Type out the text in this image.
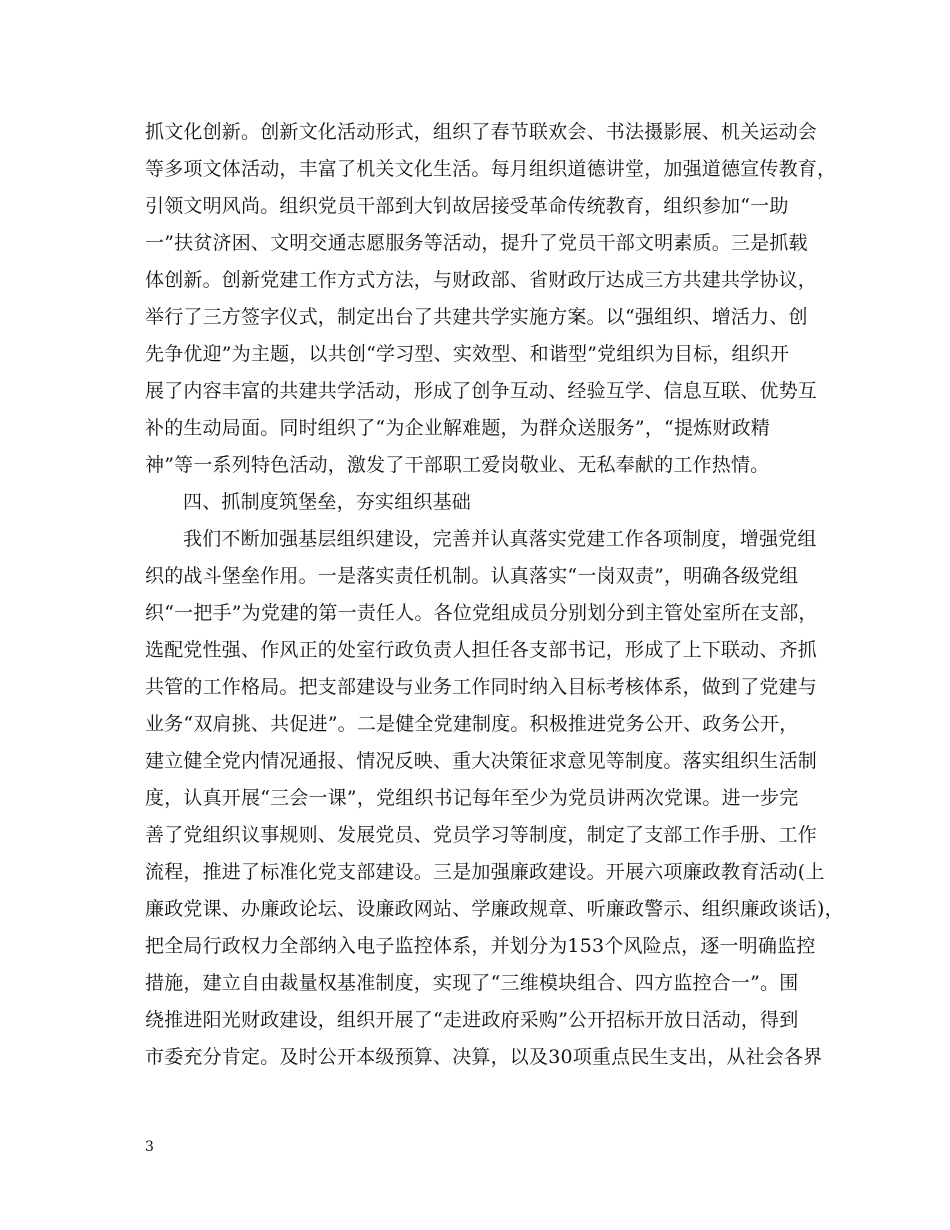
抓文化创新。创新文化活动形式，组织了春节联欢会、书法摄影展、机关运动会
等多项文体活动，丰富了机关文化生活。每月组织道德讲堂，加强道德宣传教育，
引领文明风尚。组织党员干部到大钊故居接受革命传统教育，组织参加“一助
一”扶贫济困、文明交通志愿服务等活动，提升了党员干部文明素质。三是抓载
体创新。创新党建工作方式方法，与财政部、省财政厅达成三方共建共学协议，
举行了三方签字仪式，制定出台了共建共学实施方案。以“强组织、增活力、创
先争优迎”为主题，以共创“学习型、实效型、和谐型”党组织为目标，组织开
展了内容丰富的共建共学活动，形成了创争互动、经验互学、信息互联、优势互
补的生动局面。同时组织了“为企业解难题，为群众送服务”，“提炼财政精
神”等一系列特色活动，激发了干部职工爱岗敬业、无私奉献的工作热情。
四、抓制度筑堡垒，夯实组织基础
我们不断加强基层组织建设，完善并认真落实党建工作各项制度，增强党组
织的战斗堡垒作用。一是落实责任机制。认真落实“一岗双责”，明确各级党组
织“一把手”为党建的第一责任人。各位党组成员分别划分到主管处室所在支部，
选配党性强、作风正的处室行政负责人担任各支部书记，形成了上下联动、齐抓
共管的工作格局。把支部建设与业务工作同时纳入目标考核体系，做到了党建与
业务“双肩挑、共促进”。二是健全党建制度。积极推进党务公开、政务公开，
建立健全党内情况通报、情况反映、重大决策征求意见等制度。落实组织生活制
度，认真开展“三会一课”，党组织书记每年至少为党员讲两次党课。进一步完
善了党组织议事规则、发展党员、党员学习等制度，制定了支部工作手册、工作
流程，推进了标准化党支部建设。三是加强廉政建设。开展六项廉政教育活动(上
廉政党课、办廉政论坛、设廉政网站、学廉政规章、听廉政警示、组织廉政谈话)，
把全局行政权力全部纳入电子监控体系，并划分为153个风险点，逐一明确监控
措施，建立自由裁量权基准制度，实现了“三维模块组合、四方监控合一”。围
绕推进阳光财政建设，组织开展了“走进政府采购”公开招标开放日活动，得到
市委充分肯定。及时公开本级预算、决算，以及30项重点民生支出，从社会各界
3
